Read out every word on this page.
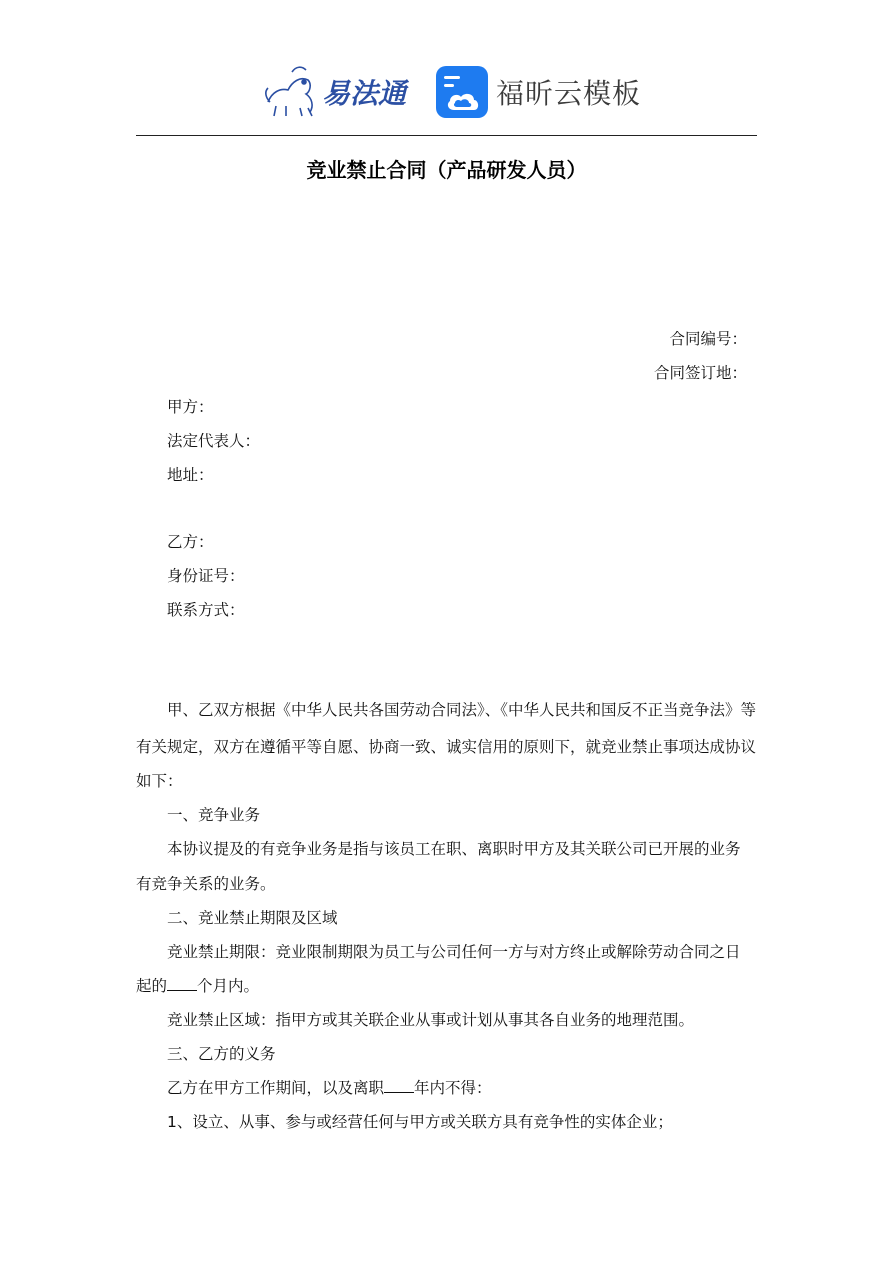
易法通	福昕云模板
竞业禁止合同（产品研发人员）
合同编号：
合同签订地：
甲方：
法定代表人：
地址：
乙方：
身份证号：
联系方式：
甲、乙双方根据《中华人民共各国劳动合同法》、《中华人民共和国反不正当竞争法》等
有关规定，双方在遵循平等自愿、协商一致、诚实信用的原则下，就竞业禁止事项达成协议
如下：
一、竞争业务
本协议提及的有竞争业务是指与该员工在职、离职时甲方及其关联公司已开展的业务
有竞争关系的业务。
二、竞业禁止期限及区域
竞业禁止期限：竞业限制期限为员工与公司任何一方与对方终止或解除劳动合同之日
起的 个月内。
竞业禁止区域：指甲方或其关联企业从事或计划从事其各自业务的地理范围。
三、乙方的义务
乙方在甲方工作期间，以及离职 年内不得：
1、设立、从事、参与或经营任何与甲方或关联方具有竞争性的实体企业；
